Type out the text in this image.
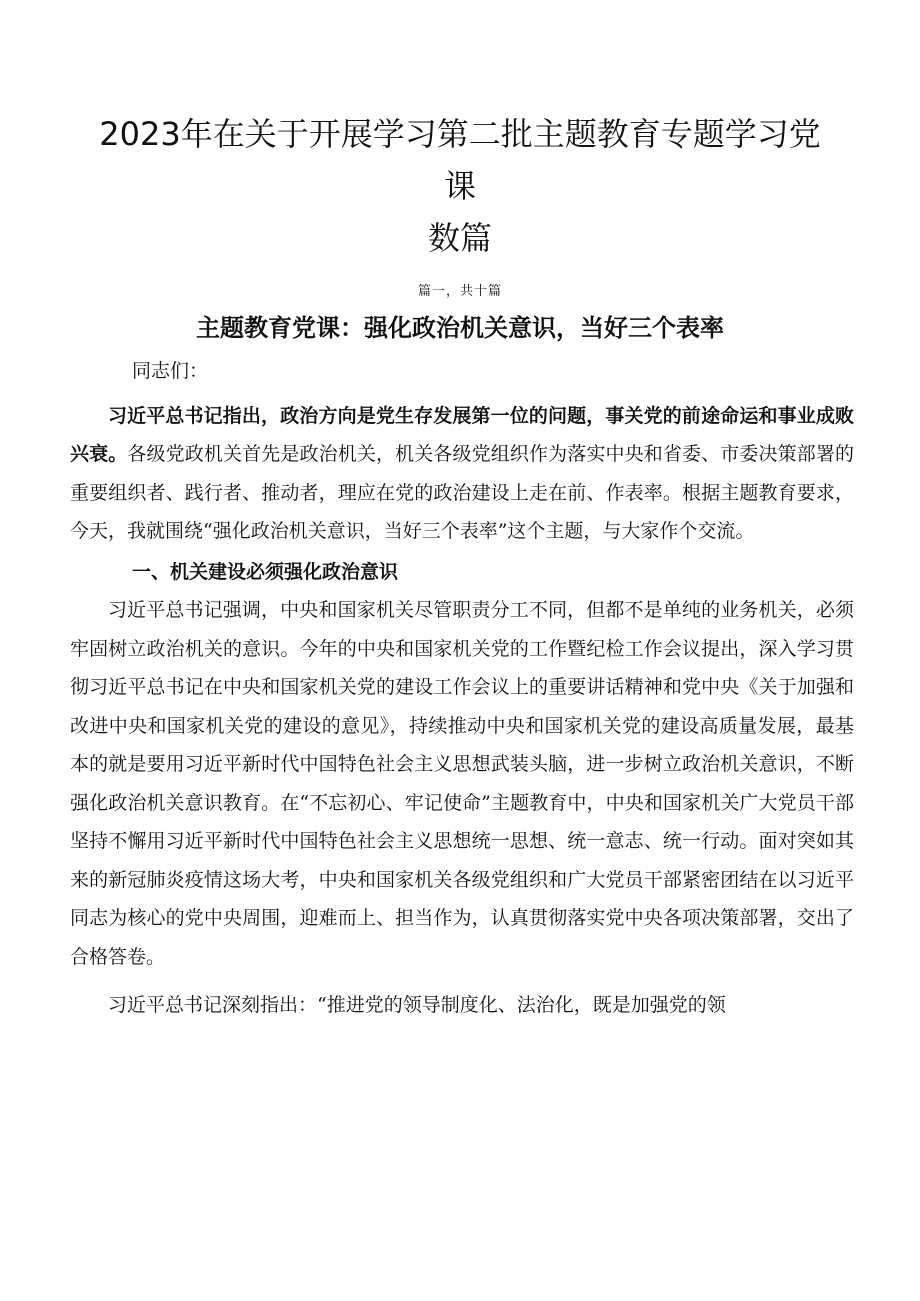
2023年在关于开展学习第二批主题教育专题学习党课
数篇
篇一，共十篇
主题教育党课：强化政治机关意识，当好三个表率

同志们：

习近平总书记指出，政治方向是党生存发展第一位的问题，事关党的前途命运和事业成败兴衰。各级党政机关首先是政治机关，机关各级党组织作为落实中央和省委、市委决策部署的重要组织者、践行者、推动者，理应在党的政治建设上走在前、作表率。根据主题教育要求，今天，我就围绕“强化政治机关意识，当好三个表率”这个主题，与大家作个交流。

一、机关建设必须强化政治意识

习近平总书记强调，中央和国家机关尽管职责分工不同，但都不是单纯的业务机关，必须牢固树立政治机关的意识。今年的中央和国家机关党的工作暨纪检工作会议提出，深入学习贯彻习近平总书记在中央和国家机关党的建设工作会议上的重要讲话精神和党中央《关于加强和改进中央和国家机关党的建设的意见》，持续推动中央和国家机关党的建设高质量发展，最基本的就是要用习近平新时代中国特色社会主义思想武装头脑，进一步树立政治机关意识，不断强化政治机关意识教育。在“不忘初心、牢记使命”主题教育中，中央和国家机关广大党员干部坚持不懈用习近平新时代中国特色社会主义思想统一思想、统一意志、统一行动。面对突如其来的新冠肺炎疫情这场大考，中央和国家机关各级党组织和广大党员干部紧密团结在以习近平同志为核心的党中央周围，迎难而上、担当作为，认真贯彻落实党中央各项决策部署，交出了合格答卷。

习近平总书记深刻指出：“推进党的领导制度化、法治化，既是加强党的领
